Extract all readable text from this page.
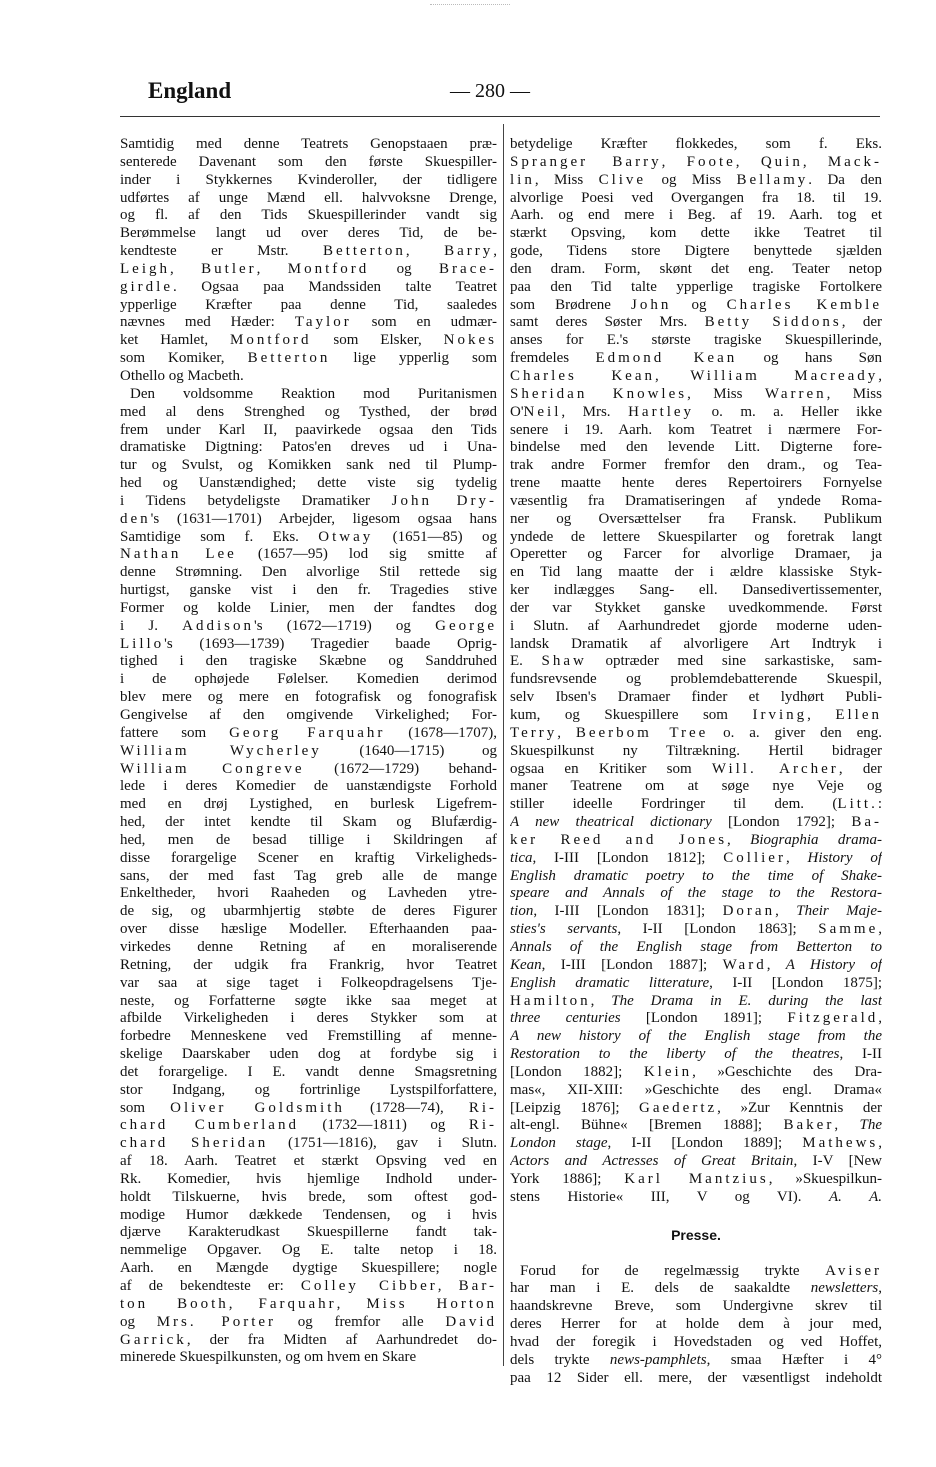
England	— 280 —
Samtidig med denne Teatrets Genopstaaen præ-
senterede Davenant som den første Skuespiller-
inder i Stykkernes Kvinderoller, der tidligere
udførtes af unge Mænd ell. halvvoksne Drenge,
og fl. af den Tids Skuespillerinder vandt sig
Berømmelse langt ud over deres Tid, de be-
kendteste er Mstr. Betterton, Barry,
Leigh, Butler, Montford og Brace-
girdle. Ogsaa paa Mandssiden talte Teatret
ypperlige Kræfter paa denne Tid, saaledes
nævnes med Hæder: Taylor som en udmær-
ket Hamlet, Montford som Elsker, Nokes
som Komiker, Betterton lige ypperlig som
Othello og Macbeth.
Den voldsomme Reaktion mod Puritanismen
med al dens Strenghed og Tysthed, der brød
frem under Karl II, paavirkede ogsaa den Tids
dramatiske Digtning: Patos'en dreves ud i Una-
tur og Svulst, og Komikken sank ned til Plump-
hed og Uanstændighed; dette viste sig tydelig
i Tidens betydeligste Dramatiker John Dry-
den's (1631—1701) Arbejder, ligesom ogsaa hans
Samtidige som f. Eks. Otway (1651—85) og
Nathan Lee (1657—95) lod sig smitte af
denne Strømning. Den alvorlige Stil rettede sig
hurtigst, ganske vist i den fr. Tragedies stive
Former og kolde Linier, men der fandtes dog
i J. Addison's (1672—1719) og George
Lillo's (1693—1739) Tragedier baade Oprig-
tighed i den tragiske Skæbne og Sanddruhed
i de ophøjede Følelser. Komedien derimod
blev mere og mere en fotografisk og fonografisk
Gengivelse af den omgivende Virkelighed; For-
fattere som Georg Farquahr (1678—1707),
William Wycherley (1640—1715) og
William Congreve (1672—1729) behand-
lede i deres Komedier de uanstændigste Forhold
med en drøj Lystighed, en burlesk Ligefrem-
hed, der intet kendte til Skam og Blufærdig-
hed, men de besad tillige i Skildringen af
disse forargelige Scener en kraftig Virkeligheds-
sans, der med fast Tag greb alle de mange
Enkeltheder, hvori Raaheden og Lavheden ytre-
de sig, og ubarmhjertig støbte de deres Figurer
over disse hæslige Modeller. Efterhaanden paa-
virkedes denne Retning af en moraliserende
Retning, der udgik fra Frankrig, hvor Teatret
var saa at sige taget i Folkeopdragelsens Tje-
neste, og Forfatterne søgte ikke saa meget at
afbilde Virkeligheden i deres Stykker som at
forbedre Menneskene ved Fremstilling af menne-
skelige Daarskaber uden dog at fordybe sig i
det forargelige. I E. vandt denne Smagsretning
stor Indgang, og fortrinlige Lystspilforfattere,
som Oliver Goldsmith (1728—74), Ri-
chard Cumberland (1732—1811) og Ri-
chard Sheridan (1751—1816), gav i Slutn.
af 18. Aarh. Teatret et stærkt Opsving ved en
Rk. Komedier, hvis hjemlige Indhold under-
holdt Tilskuerne, hvis brede, som oftest god-
modige Humor dækkede Tendensen, og i hvis
djærve Karakterudkast Skuespillerne fandt tak-
nemmelige Opgaver. Og E. talte netop i 18.
Aarh. en Mængde dygtige Skuespillere; nogle
af de bekendteste er: Colley Cibber, Bar-
ton Booth, Farquahr, Miss Horton
og Mrs. Porter og fremfor alle David
Garrick, der fra Midten af Aarhundredet do-
minerede Skuespilkunsten, og om hvem en Skare
betydelige Kræfter flokkedes, som f. Eks.
Spranger Barry, Foote, Quin, Mack-
lin, Miss Clive og Miss Bellamy. Da den
alvorlige Poesi ved Overgangen fra 18. til 19.
Aarh. og end mere i Beg. af 19. Aarh. tog et
stærkt Opsving, kom dette ikke Teatret til
gode, Tidens store Digtere benyttede sjælden
den dram. Form, skønt det eng. Teater netop
paa den Tid talte ypperlige tragiske Fortolkere
som Brødrene John og Charles Kemble
samt deres Søster Mrs. Betty Siddons, der
anses for E.'s største tragiske Skuespillerinde,
fremdeles Edmond Kean og hans Søn
Charles Kean, William Macready,
Sheridan Knowles, Miss Warren, Miss
O'Neil, Mrs. Hartley o. m. a. Heller ikke
senere i 19. Aarh. kom Teatret i nærmere For-
bindelse med den levende Litt. Digterne fore-
trak andre Former fremfor den dram., og Tea-
trene maatte hente deres Repertoirers Fornyelse
væsentlig fra Dramatiseringen af yndede Roma-
ner og Oversættelser fra Fransk. Publikum
yndede de lettere Skuespilarter og foretrak langt
Operetter og Farcer for alvorlige Dramaer, ja
en Tid lang maatte der i ældre klassiske Styk-
ker indlægges Sang- ell. Dansedivertissementer,
der var Stykket ganske uvedkommende. Først
i Slutn. af Aarhundredet gjorde moderne uden-
landsk Dramatik af alvorligere Art Indtryk i
E. Shaw optræder med sine sarkastiske, sam-
fundsrevsende og problemdebatterende Skuespil,
selv Ibsen's Dramaer finder et lydhørt Publi-
kum, og Skuespillere som Irving, Ellen
Terry, Beerbom Tree o. a. giver den eng.
Skuespilkunst ny Tiltrækning. Hertil bidrager
ogsaa en Kritiker som Will. Archer, der
maner Teatrene om at søge nye Veje og
stiller ideelle Fordringer til dem. (Litt.:
A new theatrical dictionary [London 1792]; Ba-
ker Reed and Jones, Biographia drama-
tica, I-III [London 1812]; Collier, History of
English dramatic poetry to the time of Shake-
speare and Annals of the stage to the Restora-
tion, I-III [London 1831]; Doran, Their Maje-
sties's servants, I-II [London 1863]; Samme,
Annals of the English stage from Betterton to
Kean, I-III [London 1887]; Ward, A History of
English dramatic litterature, I-II [London 1875];
Hamilton, The Drama in E. during the last
three centuries [London 1891]; Fitzgerald,
A new history of the English stage from the
Restoration to the liberty of the theatres, I-II
[London 1882]; Klein, »Geschichte des Dra-
mas«, XII-XIII: »Geschichte des engl. Drama«
[Leipzig 1876]; Gaedertz, »Zur Kenntnis der
alt-engl. Bühne« [Bremen 1888]; Baker, The
London stage, I-II [London 1889]; Mathews,
Actors and Actresses of Great Britain, I-V [New
York 1886]; Karl Mantzius, »Skuespilkun-
stens Historie« III, V og VI). A. A.
Presse.
Forud for de regelmæssig trykte Aviser
har man i E. dels de saakaldte newsletters,
haandskrevne Breve, som Undergivne skrev til
deres Herrer for at holde dem à jour med,
hvad der foregik i Hovedstaden og ved Hoffet,
dels trykte news-pamphlets, smaa Hæfter i 4°
paa 12 Sider ell. mere, der væsentligst indeholdt
